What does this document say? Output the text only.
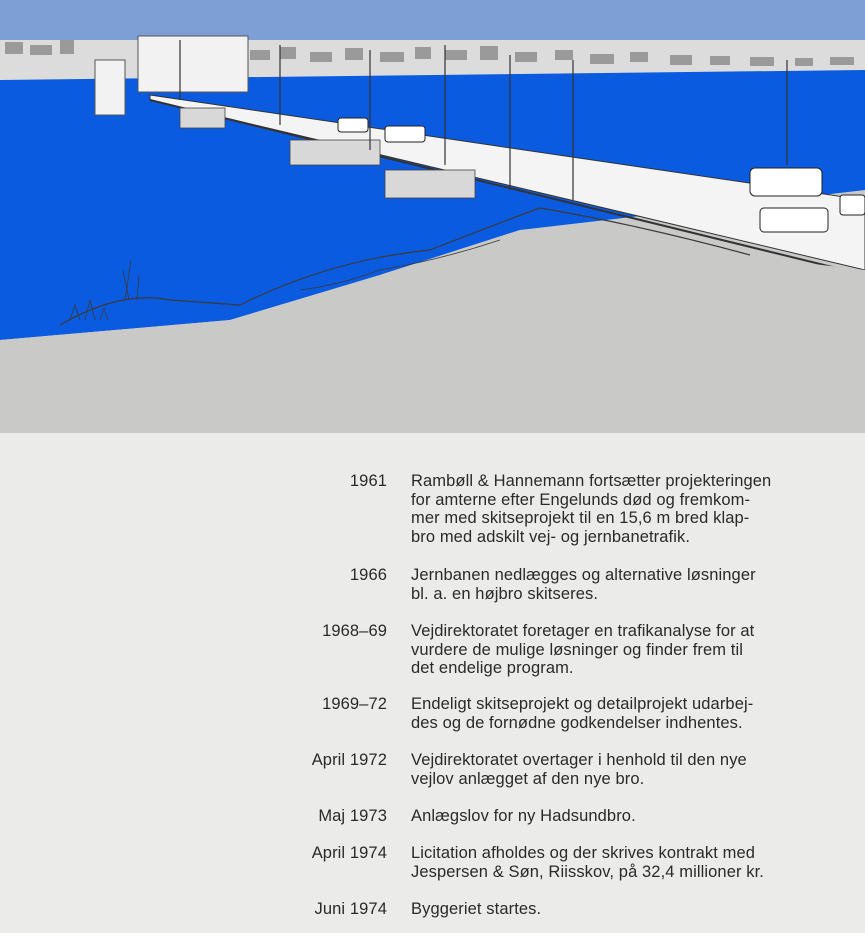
1961 Rambøll & Hannemann fortsætter projekteringen
for amterne efter Engelunds død og fremkom-
mer med skitseprojekt til en 15,6 m bred klap-
bro med adskilt vej- og jernbanetrafik.
1966 Jernbanen nedlægges og alternative løsninger
bl. a. en højbro skitseres.
1968–69 Vejdirektoratet foretager en trafikanalyse for at
vurdere de mulige løsninger og finder frem til
det endelige program.
1969–72 Endeligt skitseprojekt og detailprojekt udarbej-
des og de fornødne godkendelser indhentes.
April 1972 Vejdirektoratet overtager i henhold til den nye
vejlov anlægget af den nye bro.
Maj 1973 Anlægslov for ny Hadsundbro.
April 1974 Licitation afholdes og der skrives kontrakt med
Jespersen & Søn, Riisskov, på 32,4 millioner kr.
Juni 1974 Byggeriet startes.
